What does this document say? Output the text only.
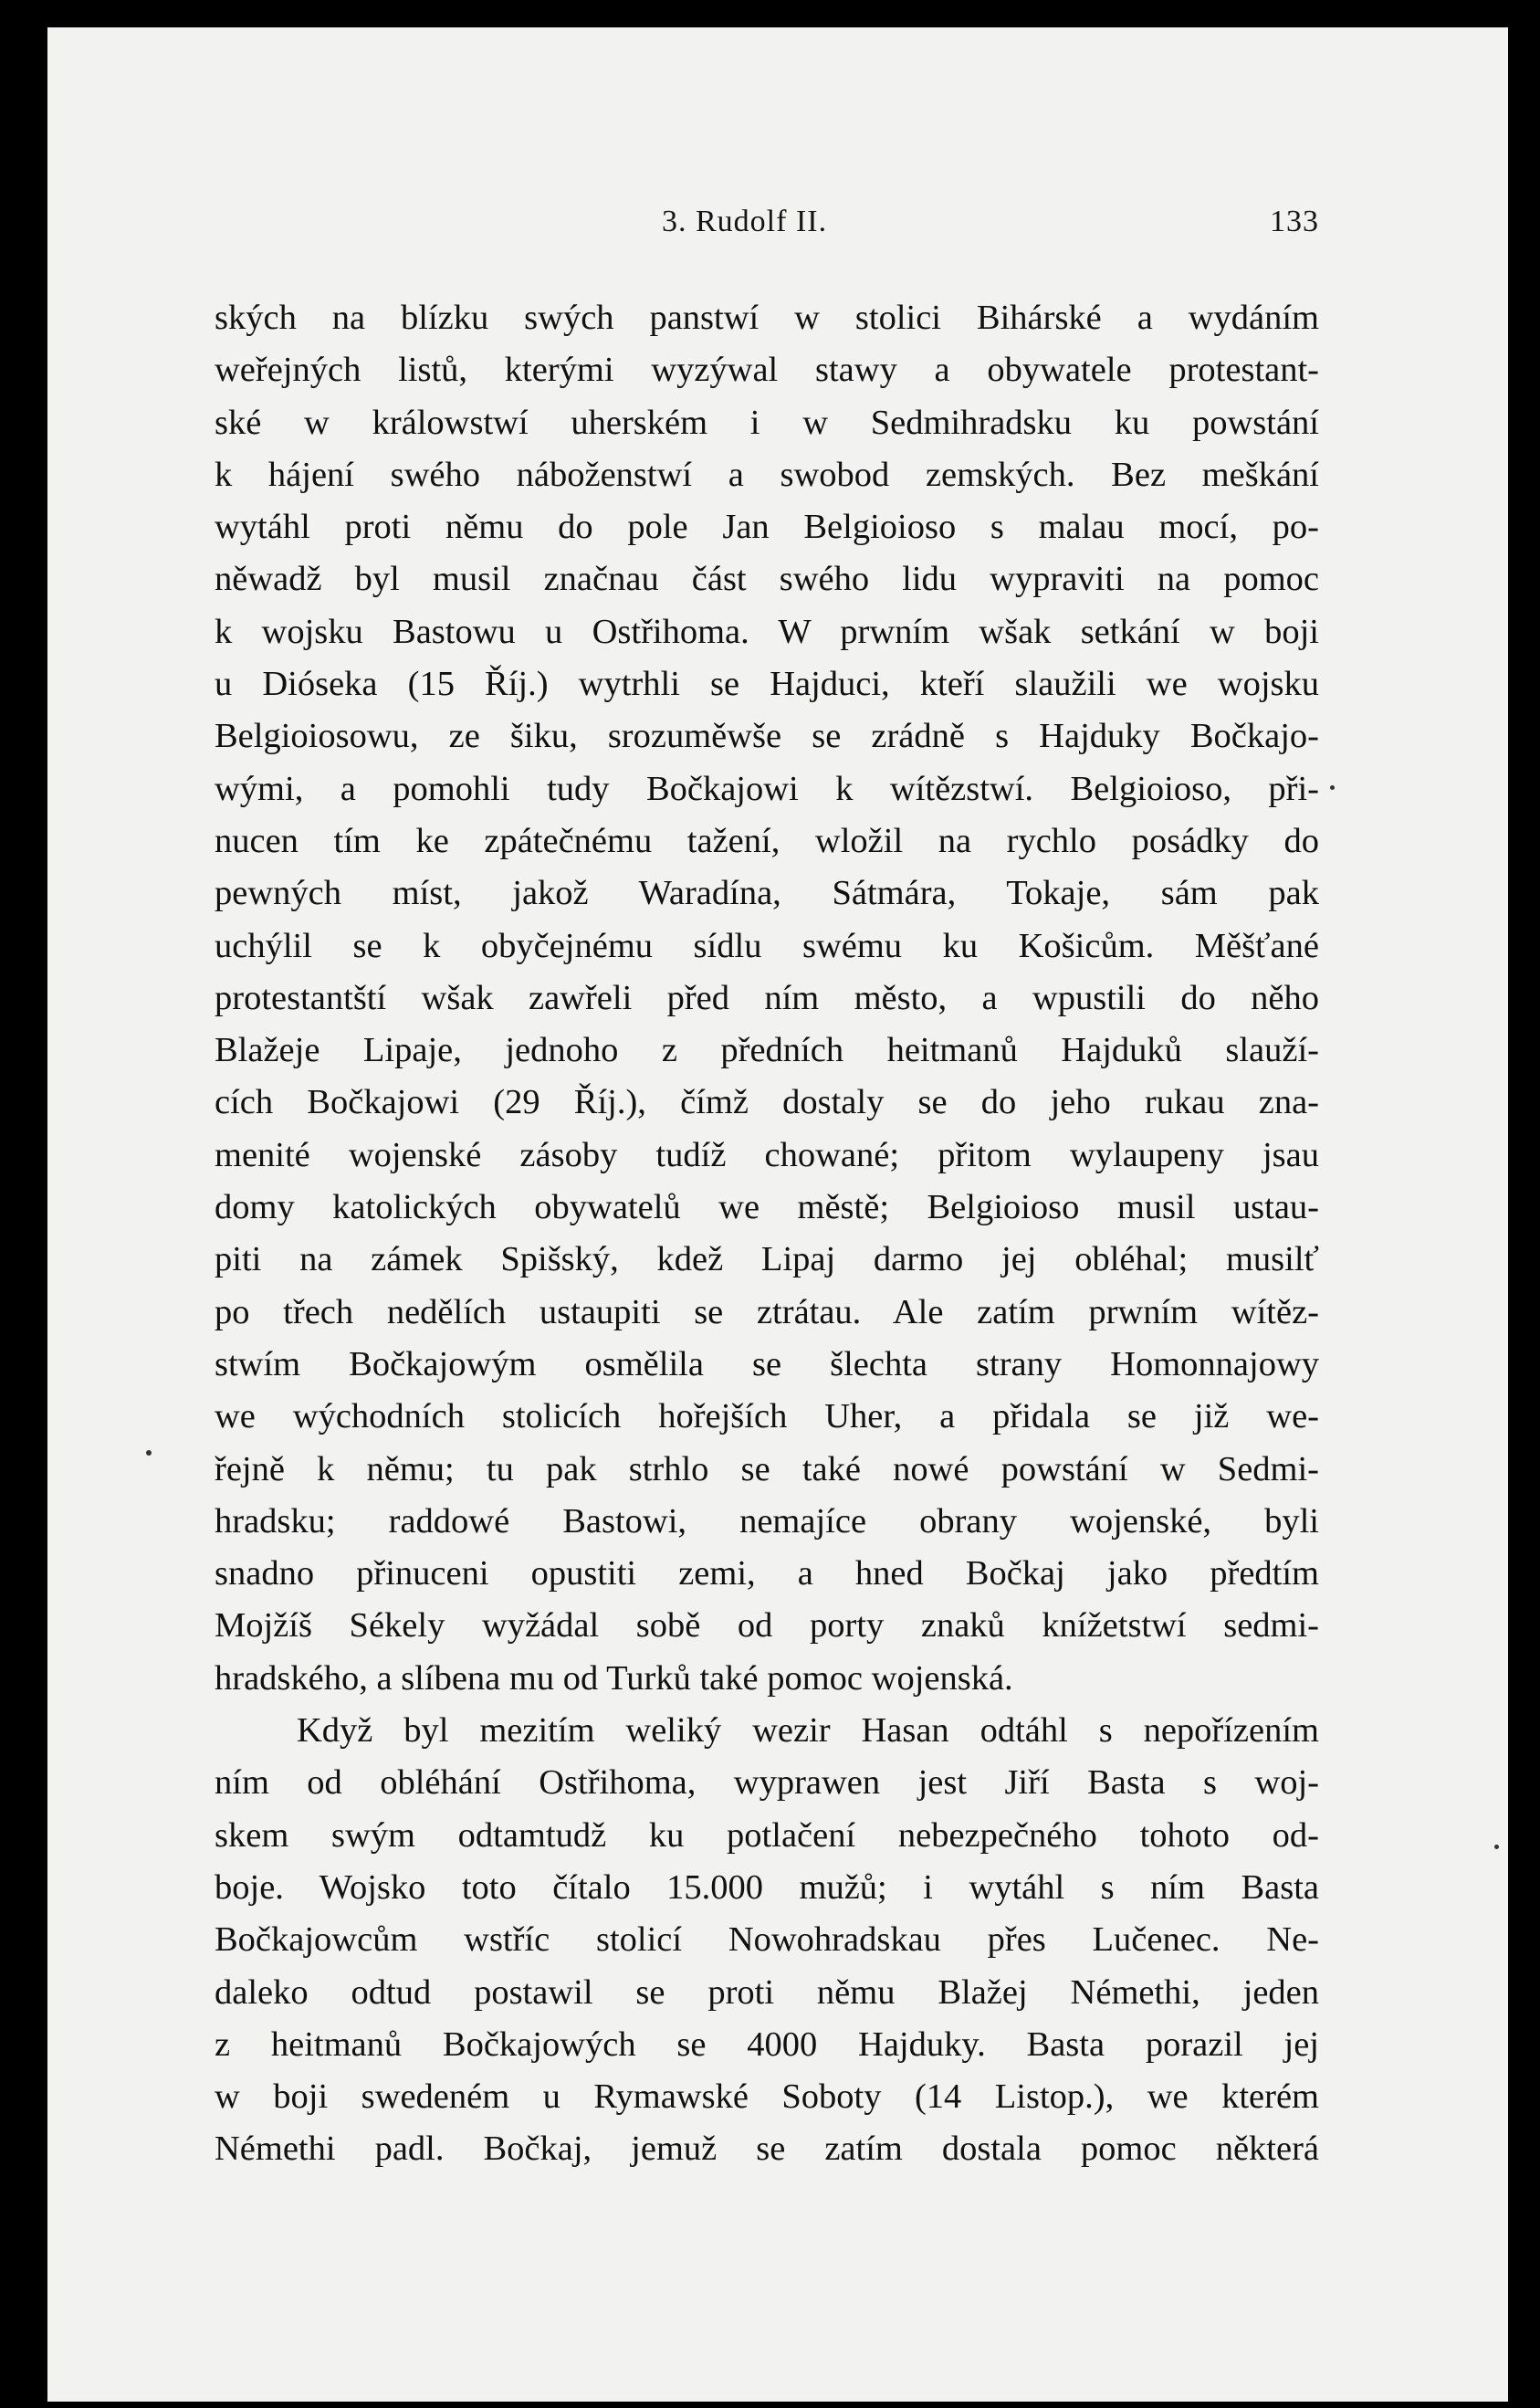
3. Rudolf II.	133
ských na blízku swých panstwí w stolici Bihárské a wydáním
weřejných listů, kterými wyzýwal stawy a obywatele protestant-
ské w králowstwí uherském i w Sedmihradsku ku powstání
k hájení swého náboženstwí a swobod zemských. Bez meškání
wytáhl proti němu do pole Jan Belgioioso s malau mocí, po-
něwadž byl musil značnau část swého lidu wypraviti na pomoc
k wojsku Bastowu u Ostřihoma. W prwním wšak setkání w boji
u Dióseka (15 Říj.) wytrhli se Hajduci, kteří slaužili we wojsku
Belgioiosowu, ze šiku, srozuměwše se zrádně s Hajduky Bočkajo-
wými, a pomohli tudy Bočkajowi k wítězstwí. Belgioioso, při-
nucen tím ke zpátečnému tažení, wložil na rychlo posádky do
pewných míst, jakož Waradína, Sátmára, Tokaje, sám pak
uchýlil se k obyčejnému sídlu swému ku Košicům. Měšťané
protestantští wšak zawřeli před ním město, a wpustili do něho
Blažeje Lipaje, jednoho z předních heitmanů Hajduků slauží-
cích Bočkajowi (29 Říj.), čímž dostaly se do jeho rukau zna-
menité wojenské zásoby tudíž chowané; přitom wylaupeny jsau
domy katolických obywatelů we městě; Belgioioso musil ustau-
piti na zámek Spišský, kdež Lipaj darmo jej obléhal; musilť
po třech nedělích ustaupiti se ztrátau. Ale zatím prwním wítěz-
stwím Bočkajowým osmělila se šlechta strany Homonnajowy
we wýchodních stolicích hořejších Uher, a přidala se již we-
řejně k němu; tu pak strhlo se také nowé powstání w Sedmi-
hradsku; raddowé Bastowi, nemajíce obrany wojenské, byli
snadno přinuceni opustiti zemi, a hned Bočkaj jako předtím
Mojžíš Sékely wyžádal sobě od porty znaků knížetstwí sedmi-
hradského, a slíbena mu od Turků také pomoc wojenská.
Když byl mezitím weliký wezir Hasan odtáhl s nepořízením
ním od obléhání Ostřihoma, wyprawen jest Jiří Basta s woj-
skem swým odtamtudž ku potlačení nebezpečného tohoto od-
boje. Wojsko toto čítalo 15.000 mužů; i wytáhl s ním Basta
Bočkajowcům wstříc stolicí Nowohradskau přes Lučenec. Ne-
daleko odtud postawil se proti němu Blažej Némethi, jeden
z heitmanů Bočkajowých se 4000 Hajduky. Basta porazil jej
w boji swedeném u Rymawské Soboty (14 Listop.), we kterém
Némethi padl. Bočkaj, jemuž se zatím dostala pomoc některá
